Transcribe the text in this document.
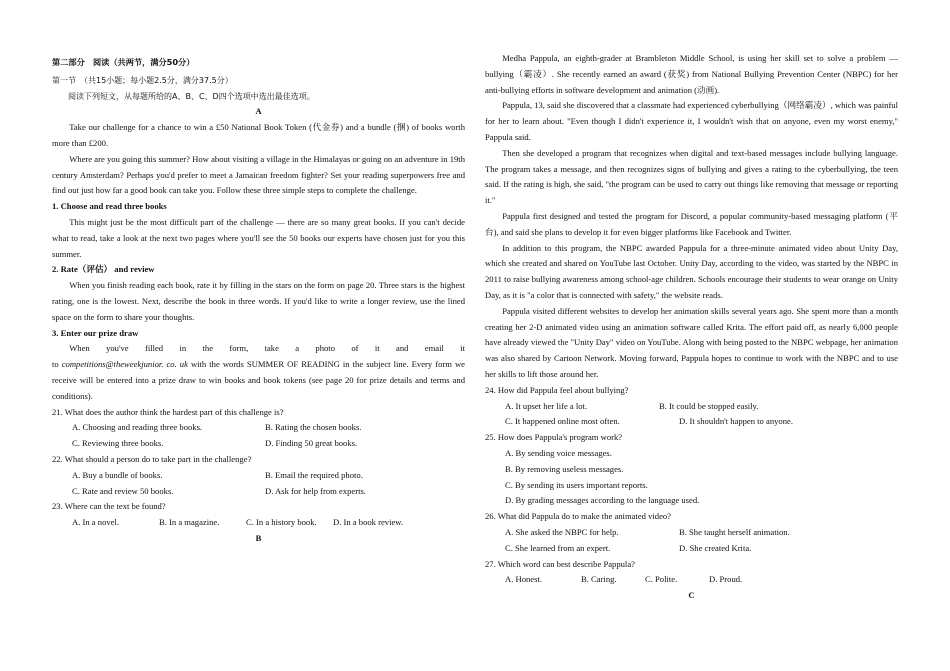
第二部分　阅读（共两节，满分50分）

第一节　（共15小题；每小题2.5分，满分37.5分）

阅读下列短文，从每题所给的A、B、C、D四个选项中选出最佳选项。

A

Take our challenge for a chance to win a £50 National Book Token (代金券) and a bundle (捆) of books worth more than £200.

Where are you going this summer? How about visiting a village in the Himalayas or going on an adventure in 19th century Amsterdam? Perhaps you'd prefer to meet a Jamaican freedom fighter? Set your reading superpowers free and find out just how far a good book can take you. Follow these three simple steps to complete the challenge.

1. Choose and read three books

This might just be the most difficult part of the challenge — there are so many great books. If you can't decide what to read, take a look at the next two pages where you'll see the 50 books our experts have chosen just for you this summer.

2. Rate（评估） and review

When you finish reading each book, rate it by filling in the stars on the form on page 20. Three stars is the highest rating, one is the lowest. Next, describe the book in three words. If you'd like to write a longer review, use the lined space on the form to share your thoughts.

3. Enter our prize draw

When you've filled in the form, take a photo of it and email it

to competitions@theweekjunior. co. uk with the words SUMMER OF READING in the subject line. Every form we receive will be entered into a prize draw to win books and book tokens (see page 20 for prize details and terms and conditions).

21. What does the author think the hardest part of this challenge is?

A. Choosing and reading three books.	B. Rating the chosen books.
C. Reviewing three books.	D. Finding 50 great books.

22. What should a person do to take part in the challenge?

A. Buy a bundle of books.	B. Email the required photo.
C. Rate and review 50 books.	D. Ask for help from experts.

23. Where can the text be found?

A. In a novel.	B. In a magazine.	C. In a history book.	D. In a book review.

B

Medha Pappula, an eighth-grader at Brambleton Middle School, is using her skill set to solve a problem — bullying（霸凌）. She recently earned an award (获奖) from National Bullying Prevention Center (NBPC) for her anti-bullying efforts in software development and animation (动画).

Pappula, 13, said she discovered that a classmate had experienced cyberbullying（网络霸凌）, which was painful for her to learn about. "Even though I didn't experience it, I wouldn't wish that on anyone, even my worst enemy," Pappula said.

Then she developed a program that recognizes when digital and text-based messages include bullying language. The program takes a message, and then recognizes signs of bullying and gives a rating to the cyberbullying, the teen said. If the rating is high, she said, "the program can be used to carry out things like removing that message or reporting it."

Pappula first designed and tested the program for Discord, a popular community-based messaging platform (平台), and said she plans to develop it for even bigger platforms like Facebook and Twitter.

In addition to this program, the NBPC awarded Pappula for a three-minute animated video about Unity Day, which she created and shared on YouTube last October. Unity Day, according to the video, was started by the NBPC in 2011 to raise bullying awareness among school-age children. Schools encourage their students to wear orange on Unity Day, as it is "a color that is connected with safety," the website reads.

Pappula visited different websites to develop her animation skills several years ago. She spent more than a month creating her 2-D animated video using an animation software called Krita. The effort paid off, as nearly 6,000 people have already viewed the "Unity Day" video on YouTube. Along with being posted to the NBPC webpage, her animation was also shared by Cartoon Network. Moving forward, Pappula hopes to continue to work with the NBPC and to use her skills to lift those around her.

24. How did Pappula feel about bullying?

A. It upset her life a lot.	B. It could be stopped easily.
C. It happened online most often.	D. It shouldn't happen to anyone.

25. How does Pappula's program work?

A. By sending voice messages.

B. By removing useless messages.

C. By sending its users important reports.

D. By grading messages according to the language used.

26. What did Pappula do to make the animated video?

A. She asked the NBPC for help.	B. She taught herself animation.
C. She learned from an expert.	D. She created Krita.

27. Which word can best describe Pappula?

A. Honest.	B. Caring.	C. Polite.	D. Proud.

C
